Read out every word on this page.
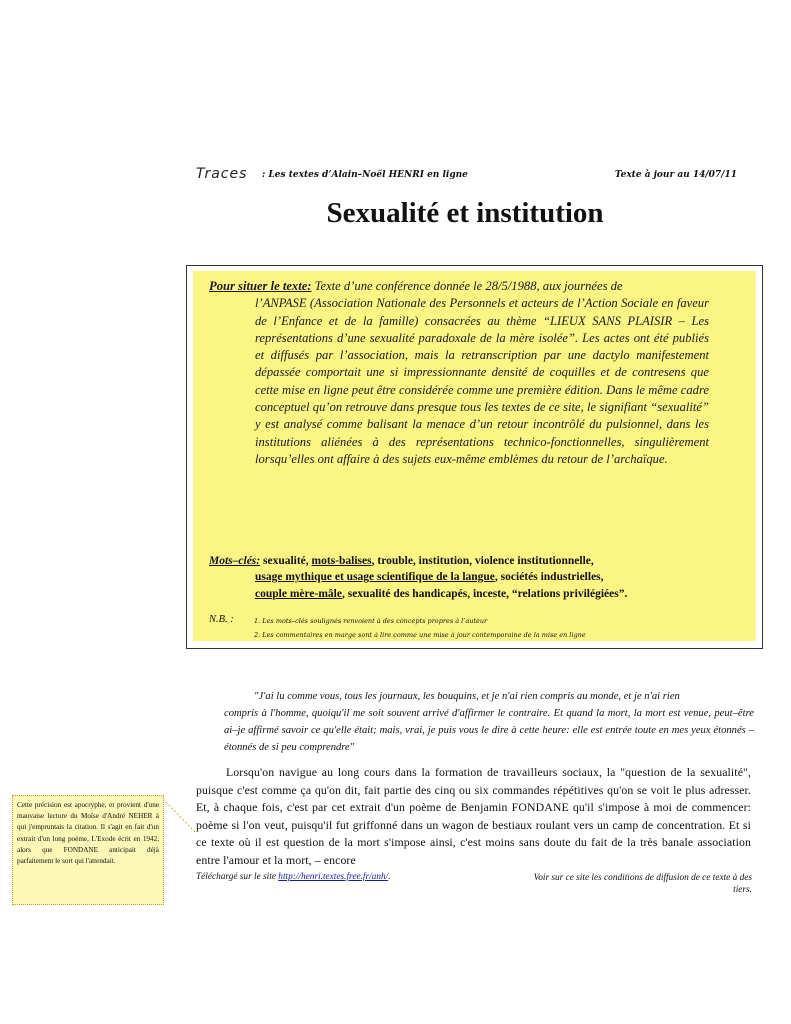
Traces : Les textes d’Alain–Noël HENRI en ligne	Texte à jour au 14/07/11
Sexualité et institution
Pour situer le texte: Texte d’une conférence donnée le 28/5/1988, aux journées de
l’ANPASE (Association Nationale des Personnels et acteurs de l’Action Sociale en faveur de l’Enfance et de la famille) consacrées au thème “LIEUX SANS PLAISIR – Les représentations d’une sexualité paradoxale de la mère isolée”. Les actes ont été publiés et diffusés par l’association, mais la retranscription par une dactylo manifestement dépassée comportait une si impressionnante densité de coquilles et de contresens que cette mise en ligne peut être considérée comme une première édition. Dans le même cadre conceptuel qu’on retrouve dans presque tous les textes de ce site, le signifiant “sexualité” y est analysé comme balisant la menace d’un retour incontrôlé du pulsionnel, dans les institutions aliénées à des représentations technico-fonctionnelles, singulièrement lorsqu’elles ont affaire à des sujets eux-même emblèmes du retour de l’archaïque.
Mots–clés: sexualité, mots-balises, trouble, institution, violence institutionnelle,
usage mythique et usage scientifique de la langue, sociétés industrielles,
couple mère-mâle, sexualité des handicapés, inceste, “relations privilégiées”.
N.B. :	1. Les mots–clés soulignés renvoient à des concepts propres à l’auteur
2. Les commentaires en marge sont à lire comme une mise à jour contemporaine de la mise en ligne
"J'ai lu comme vous, tous les journaux, les bouquins, et je n'ai rien compris au monde, et je n'ai rien
compris à l'homme, quoiqu'il me soit souvent arrivé d'affirmer le contraire. Et quand la mort, la mort est venue, peut–être ai–je affirmé savoir ce qu'elle était; mais, vrai, je puis vous le dire à cette heure: elle est entrée toute en mes yeux étonnés – étonnés de si peu comprendre"
Lorsqu'on navigue au long cours dans la formation de travailleurs sociaux, la "question de la sexualité", puisque c'est comme ça qu'on dit, fait partie des cinq ou six commandes répétitives qu'on se voit le plus adresser. Et, à chaque fois, c'est par cet extrait d'un poème de Benjamin FONDANE qu'il s'impose à moi de commencer: poème si l'on veut, puisqu'il fut griffonné dans un wagon de bestiaux roulant vers un camp de concentration. Et si ce texte où il est question de la mort s'impose ainsi, c'est moins sans doute du fait de la très banale association entre l'amour et la mort, – encore
Cette précision est apocryphe, et provient d'une mauvaise lecture du Moïse d'André NEHER à qui j'empruntais la citation. Il s'agit en fait d'un extrait d'un long poème, L'Exode écrit en 1942, alors que FONDANE anticipait déjà parfaitement le sort qui l'attendait.
Téléchargé sur le site http://henri.textes.free.fr/anh/.	Voir sur ce site les conditions de diffusion de ce texte à des tiers.
